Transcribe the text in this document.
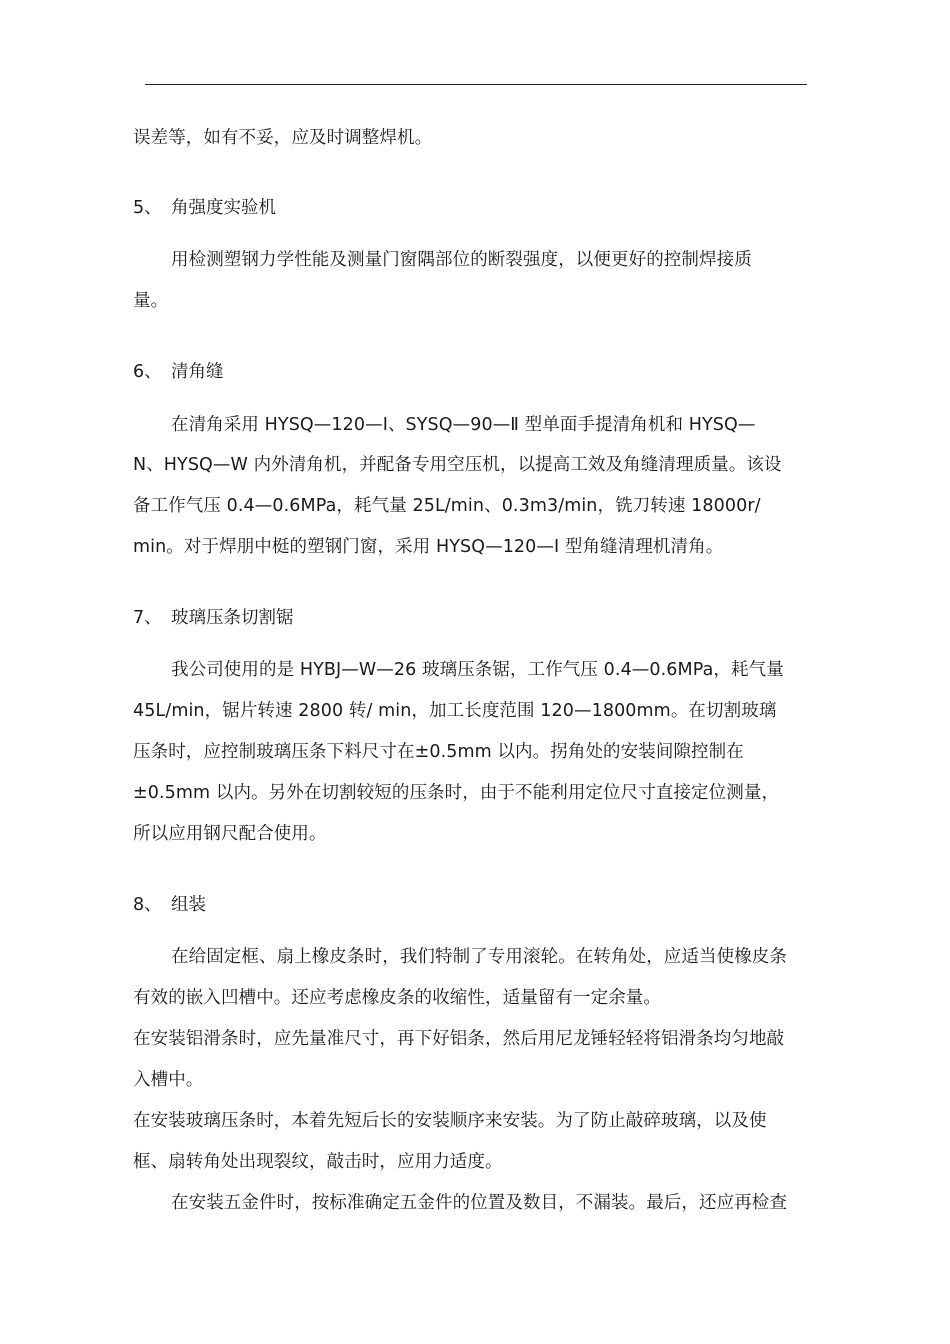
误差等，如有不妥，应及时调整焊机。
5、 角强度实验机
用检测塑钢力学性能及测量门窗隅部位的断裂强度，以便更好的控制焊接质
量。
6、 清角缝
在清角采用 HYSQ—120—I、SYSQ—90—Ⅱ 型单面手提清角机和 HYSQ—
N、HYSQ—W 内外清角机，并配备专用空压机，以提高工效及角缝清理质量。该设
备工作气压 0.4—0.6MPa，耗气量 25L/min、0.3m3/min，铣刀转速 18000r/
min。对于焊朋中梃的塑钢门窗，采用 HYSQ—120—I 型角缝清理机清角。
7、 玻璃压条切割锯
我公司使用的是 HYBJ—W—26 玻璃压条锯，工作气压 0.4—0.6MPa，耗气量
45L/min，锯片转速 2800 转/ min，加工长度范围 120—1800mm。在切割玻璃
压条时，应控制玻璃压条下料尺寸在±0.5mm 以内。拐角处的安装间隙控制在
±0.5mm 以内。另外在切割较短的压条时，由于不能利用定位尺寸直接定位测量，
所以应用钢尺配合使用。
8、 组装
在给固定框、扇上橡皮条时，我们特制了专用滚轮。在转角处，应适当使橡皮条
有效的嵌入凹槽中。还应考虑橡皮条的收缩性，适量留有一定余量。
在安装铝滑条时，应先量准尺寸，再下好铝条，然后用尼龙锤轻轻将铝滑条均匀地敲
入槽中。
在安装玻璃压条时，本着先短后长的安装顺序来安装。为了防止敲碎玻璃，以及使
框、扇转角处出现裂纹，敲击时，应用力适度。
在安装五金件时，按标准确定五金件的位置及数目，不漏装。最后，还应再检查
